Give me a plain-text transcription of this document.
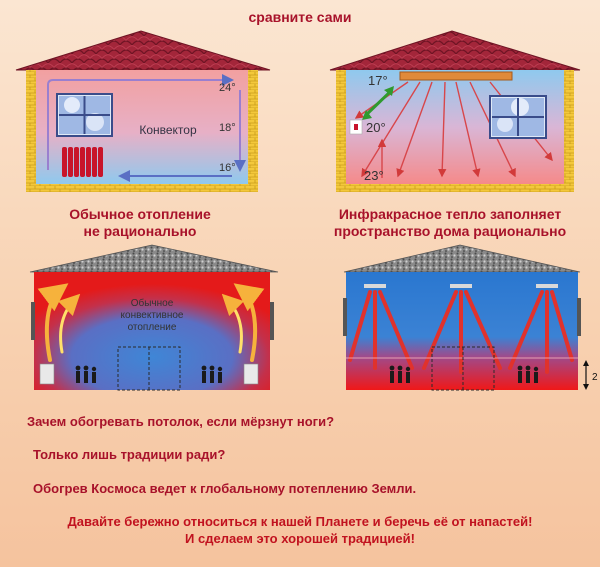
сравните сами
Конвектор
24°
18°
16°
17°
20°
23°
Обычное
конвективное
отопление
2
Обычное отопление
не рационально
Инфракрасное тепло заполняет
пространство дома рационально
Зачем обогревать потолок, если мёрзнут ноги?
Только лишь традиции ради?
Обогрев Космоса ведет к глобальному потеплению Земли.
Давайте бережно относиться к нашей Планете и беречь её от напастей!
И сделаем это хорошей традицией!
